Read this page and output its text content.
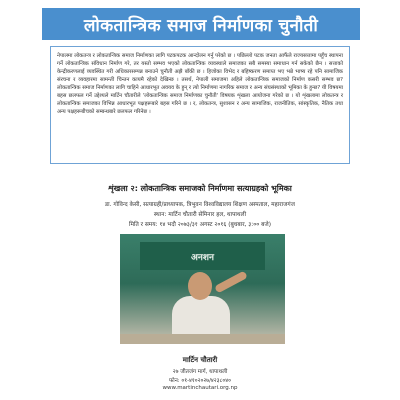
लोकतान्त्रिक समाज निर्माणका चुनौती
नेपालमा लोकतन्त्र र लोकतान्त्रिक समाज निर्माणका लागि पटकपटक आन्दोलन गर्नु परेको छ । पछिल्लो पटक जनता आफैंले राज्यसत्तामा पहुँच स्थापना गर्ने लोकतान्त्रिक संविधान निर्माण गरे, तर यस्तो सम्भव भएको लोकतान्त्रिक व्यवस्थाले समाजका सबै समस्या समाधान गर्न सकेको छैन । सत्ताको केन्द्रीकरणलाई व्यवस्थित गरी अधिकारसम्पन्न बनाउने चुनौती अझै बाँकी छ । हिजोका विभेद र बहिष्करण समाप्त भए भन्ने भाष्य रहे पनि सामाजिक संरचना र व्यवहारमा सामन्ती चिन्तन कायमै रहेको देखिन्छ । तसर्थ, नेपाली समाजमा अहिले लोकतान्त्रिक समाजको निर्माण कसरी सम्भव छ? लोकतान्त्रिक समाज निर्माणका लागि चाहिने आधारभूत अवयव के हुन् र त्यो निर्माणमा नागरिक समाज र अन्य संघसंस्थाको भूमिका के हुन्छ? यी विषयमा बहस छलफल गर्ने उद्देश्यले मार्टिन चौतारीले 'लोकतान्त्रिक समाज निर्माणका चुनौती' विषयक शृंखला आयोजना गरेको छ । यो शृंखलामा लोकतन्त्र र लोकतान्त्रिक समाजका विभिन्न आधारभूत पक्षहरूबारे बहस गरिने छ । र, लोकतन्त्र, सुशासन र अन्य सामाजिक, राजनीतिक, सांस्कृतिक, नैतिक तथा अन्य पक्षहरूबीचको सम्बन्धबारे छलफल गरिनेछ ।
शृंखला २: लोकतान्त्रिक समाजको निर्माणमा सत्याग्रहको भूमिका
डा. गोविन्द केसी, सत्याग्रही/प्राध्यापक, त्रिभुवन विश्वविद्यालय शिक्षण अस्पताल, महाराजगंज
स्थान: मार्टिन चौतारी सेमिनार हल, थापाथली
मिति र समय: १४ भदौ २०७३/३१ अगस्ट २०१६ (बुधबार, ३:०० बजे)
अनशन
मार्टिन चौतारी
२७ जीतजंग मार्ग, थापाथली
फोन: ०१-४१०२०२७/४२३८०४०
www.martinchautari.org.np
